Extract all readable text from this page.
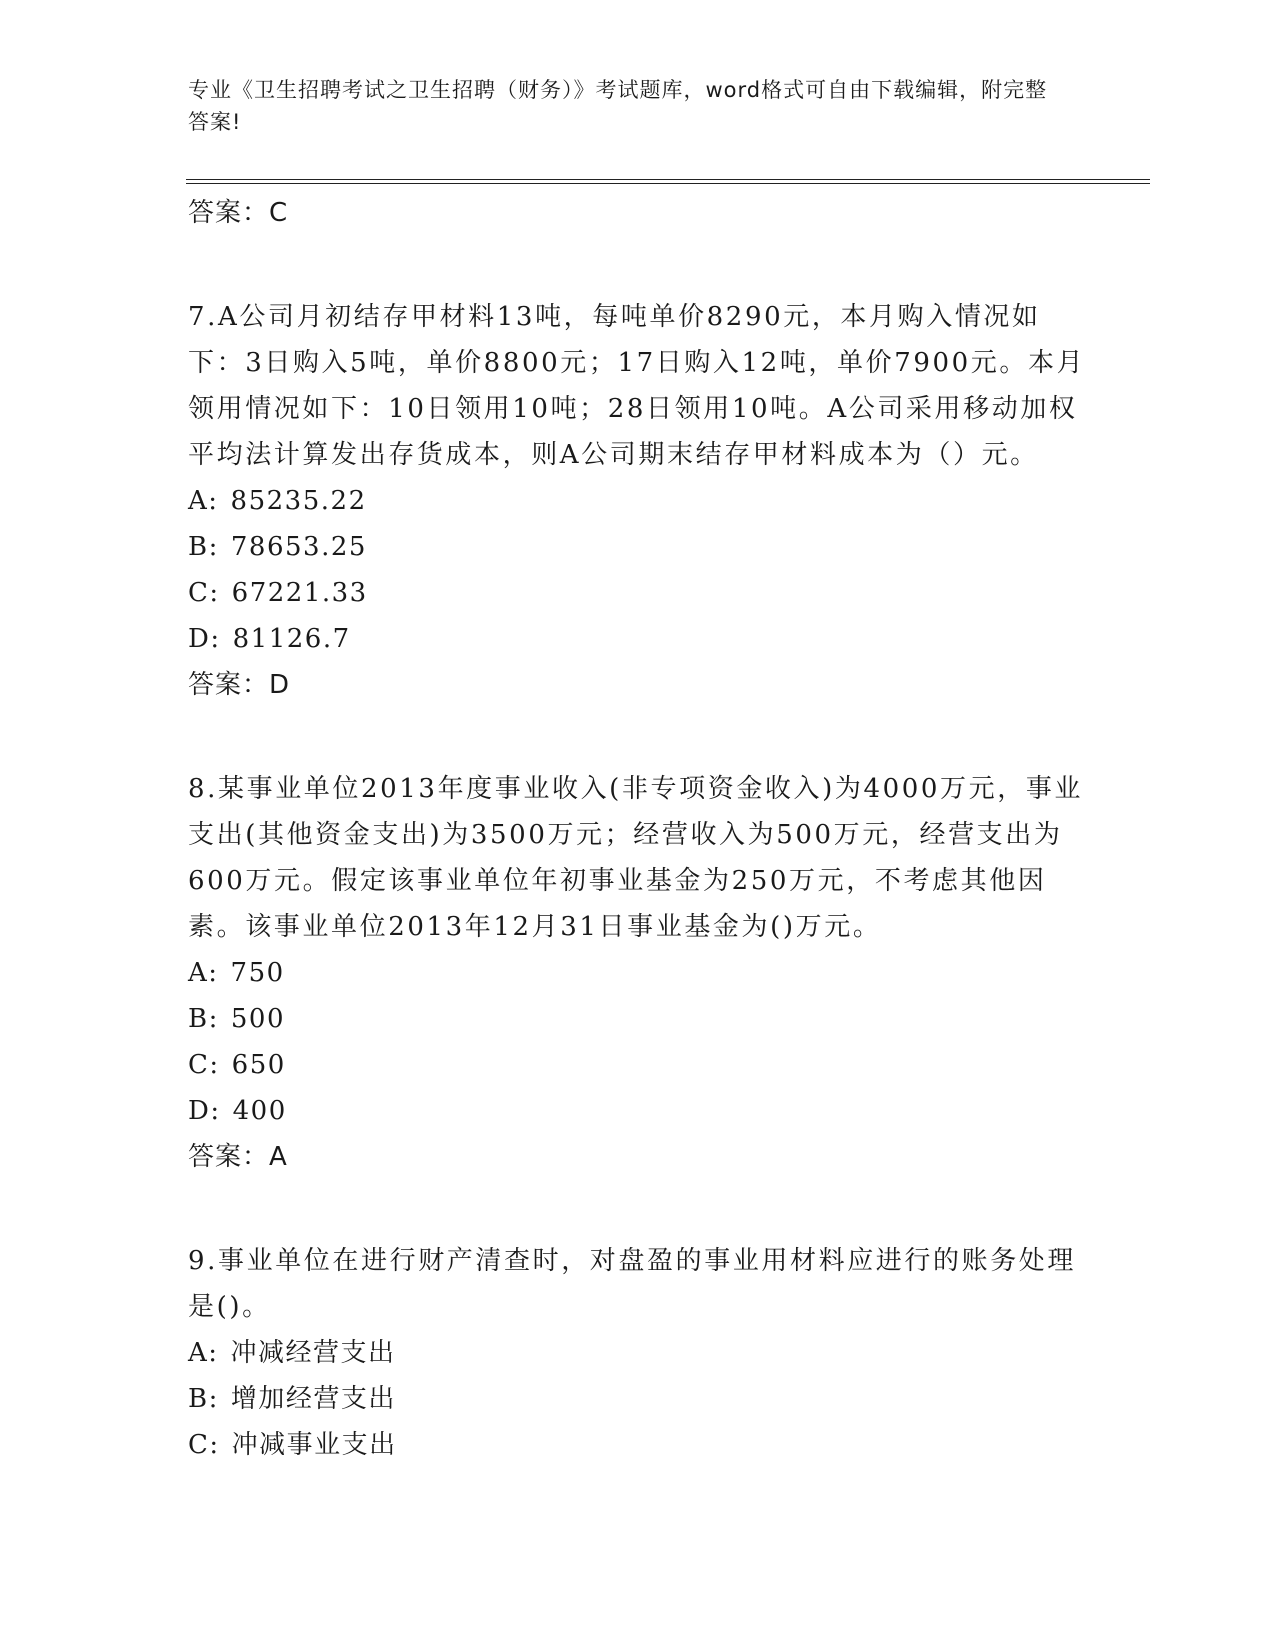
专业《卫生招聘考试之卫生招聘（财务）》考试题库，word格式可自由下载编辑，附完整答案!
答案：C
7.A公司月初结存甲材料13吨，每吨单价8290元，本月购入情况如下：3日购入5吨，单价8800元；17日购入12吨，单价7900元。本月领用情况如下：10日领用10吨；28日领用10吨。A公司采用移动加权平均法计算发出存货成本，则A公司期末结存甲材料成本为（）元。
A: 85235.22
B: 78653.25
C: 67221.33
D: 81126.7
答案：D
8.某事业单位2013年度事业收入(非专项资金收入)为4000万元，事业支出(其他资金支出)为3500万元；经营收入为500万元，经营支出为600万元。假定该事业单位年初事业基金为250万元，不考虑其他因素。该事业单位2013年12月31日事业基金为()万元。
A: 750
B: 500
C: 650
D: 400
答案：A
9.事业单位在进行财产清查时，对盘盈的事业用材料应进行的账务处理是()。
A: 冲减经营支出
B: 增加经营支出
C: 冲减事业支出
